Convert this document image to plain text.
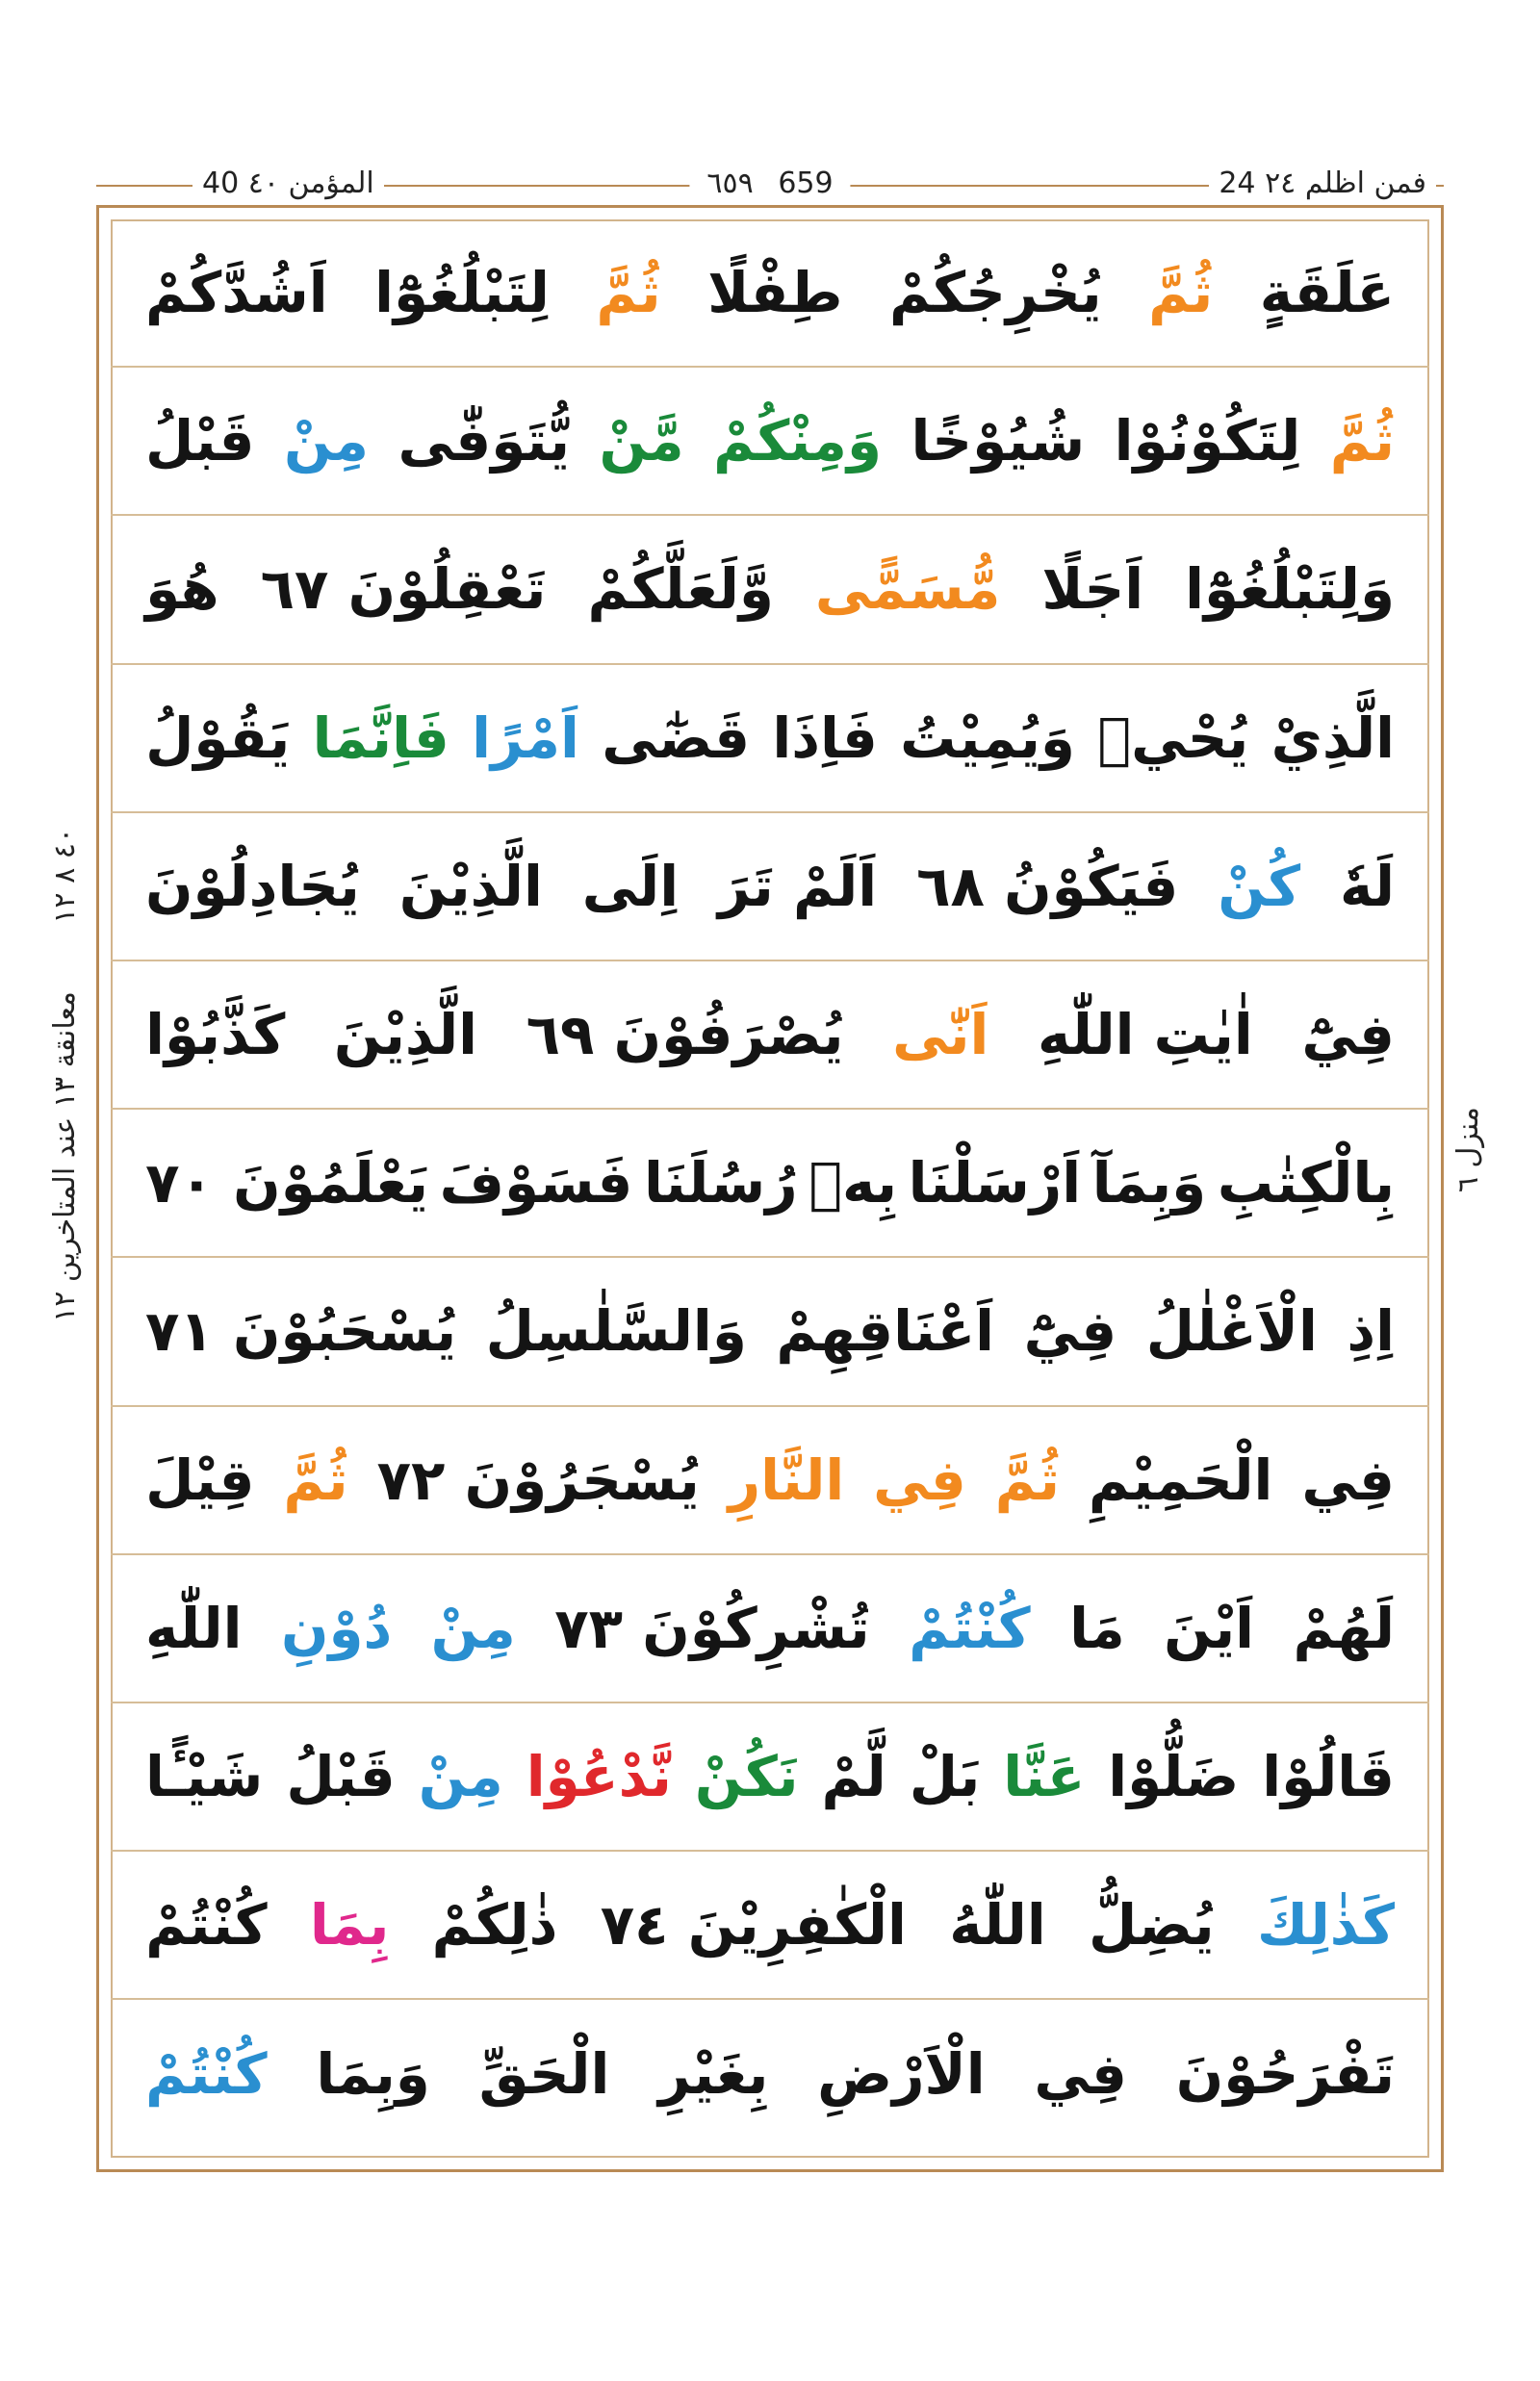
24 فمن اظلم ٢٤
٦٥٩ 659
40 المؤمن ٤٠
عَلَقَةٍ
ثُمَّ
يُخْرِجُكُمْ
طِفْلًا
ثُمَّ
لِتَبْلُغُوْٓا
اَشُدَّكُمْ
ثُمَّ
لِتَكُوْنُوْا
شُيُوْخًا
وَمِنْكُمْ
مَّنْ
يُّتَوَفّٰى
مِنْ
قَبْلُ
وَلِتَبْلُغُوْٓا
اَجَلًا
مُّسَمًّى
وَّلَعَلَّكُمْ
تَعْقِلُوْنَ ٦٧
هُوَ
الَّذِيْ
يُحْيٖ
وَيُمِيْتُ
فَاِذَا
قَضٰٓى
اَمْرًا
فَاِنَّمَا
يَقُوْلُ
لَهٗ
كُنْ
فَيَكُوْنُ ٦٨
اَلَمْ تَرَ
اِلَى
الَّذِيْنَ
يُجَادِلُوْنَ
فِيْٓ
اٰيٰتِ اللّٰهِ
اَنّٰى
يُصْرَفُوْنَ ٦٩
الَّذِيْنَ
كَذَّبُوْا
بِالْكِتٰبِ
وَبِمَآ
اَرْسَلْنَا
بِهٖ
رُسُلَنَا
فَسَوْفَ
يَعْلَمُوْنَ ٧٠
اِذِ
الْاَغْلٰلُ
فِيْٓ
اَعْنَاقِهِمْ
وَالسَّلٰسِلُ
يُسْحَبُوْنَ ٧١
فِي
الْحَمِيْمِ
ثُمَّ
فِي
النَّارِ
يُسْجَرُوْنَ ٧٢
ثُمَّ
قِيْلَ
لَهُمْ
اَيْنَ
مَا
كُنْتُمْ
تُشْرِكُوْنَ ٧٣
مِنْ
دُوْنِ
اللّٰهِ
قَالُوْا
ضَلُّوْا
عَنَّا
بَلْ
لَّمْ
نَكُنْ
نَّدْعُوْا
مِنْ
قَبْلُ
شَيْـًٔا
كَذٰلِكَ
يُضِلُّ
اللّٰهُ
الْكٰفِرِيْنَ ٧٤
ذٰلِكُمْ
بِمَا
كُنْتُمْ
تَفْرَحُوْنَ
فِي
الْاَرْضِ
بِغَيْرِ
الْحَقِّ
وَبِمَا
كُنْتُمْ
٤٠ ٨ ١٢
معانقة ١٣ عند المتاخرين ١٢
منزل ٦
